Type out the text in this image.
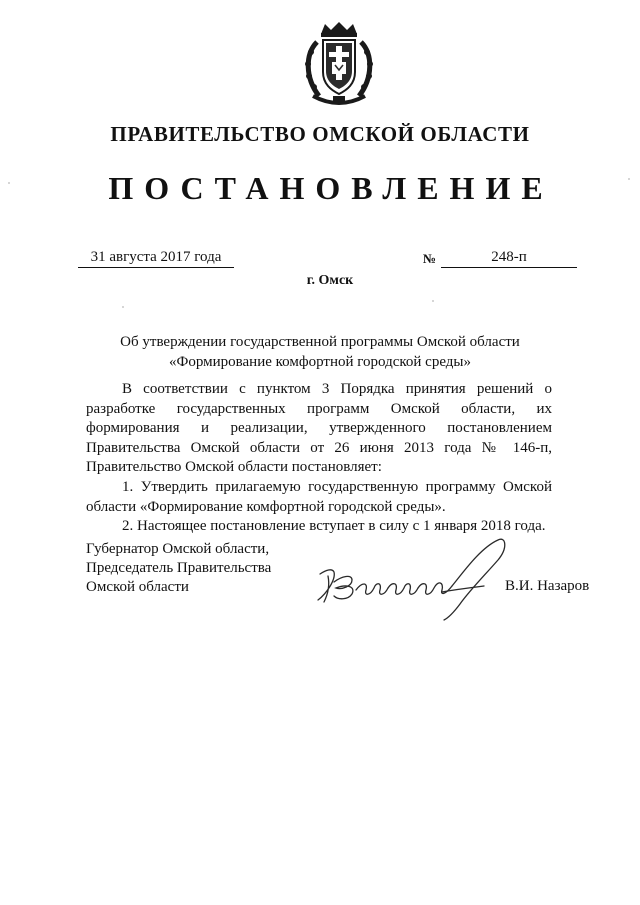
ПРАВИТЕЛЬСТВО ОМСКОЙ ОБЛАСТИ
ПОСТАНОВЛЕНИЕ
31 августа 2017 года	№	248-п
г. Омск
Об утверждении государственной программы Омской области
«Формирование комфортной городской среды»

В соответствии с пунктом 3 Порядка принятия решений о разработке государственных программ Омской области, их формирования и реализации, утвержденного постановлением Правительства Омской области от 26 июня 2013 года № 146-п, Правительство Омской области постановляет:

1. Утвердить прилагаемую государственную программу Омской области «Формирование комфортной городской среды».

2. Настоящее постановление вступает в силу с 1 января 2018 года.

Губернатор Омской области,
Председатель Правительства
Омской области	В.И. Назаров
